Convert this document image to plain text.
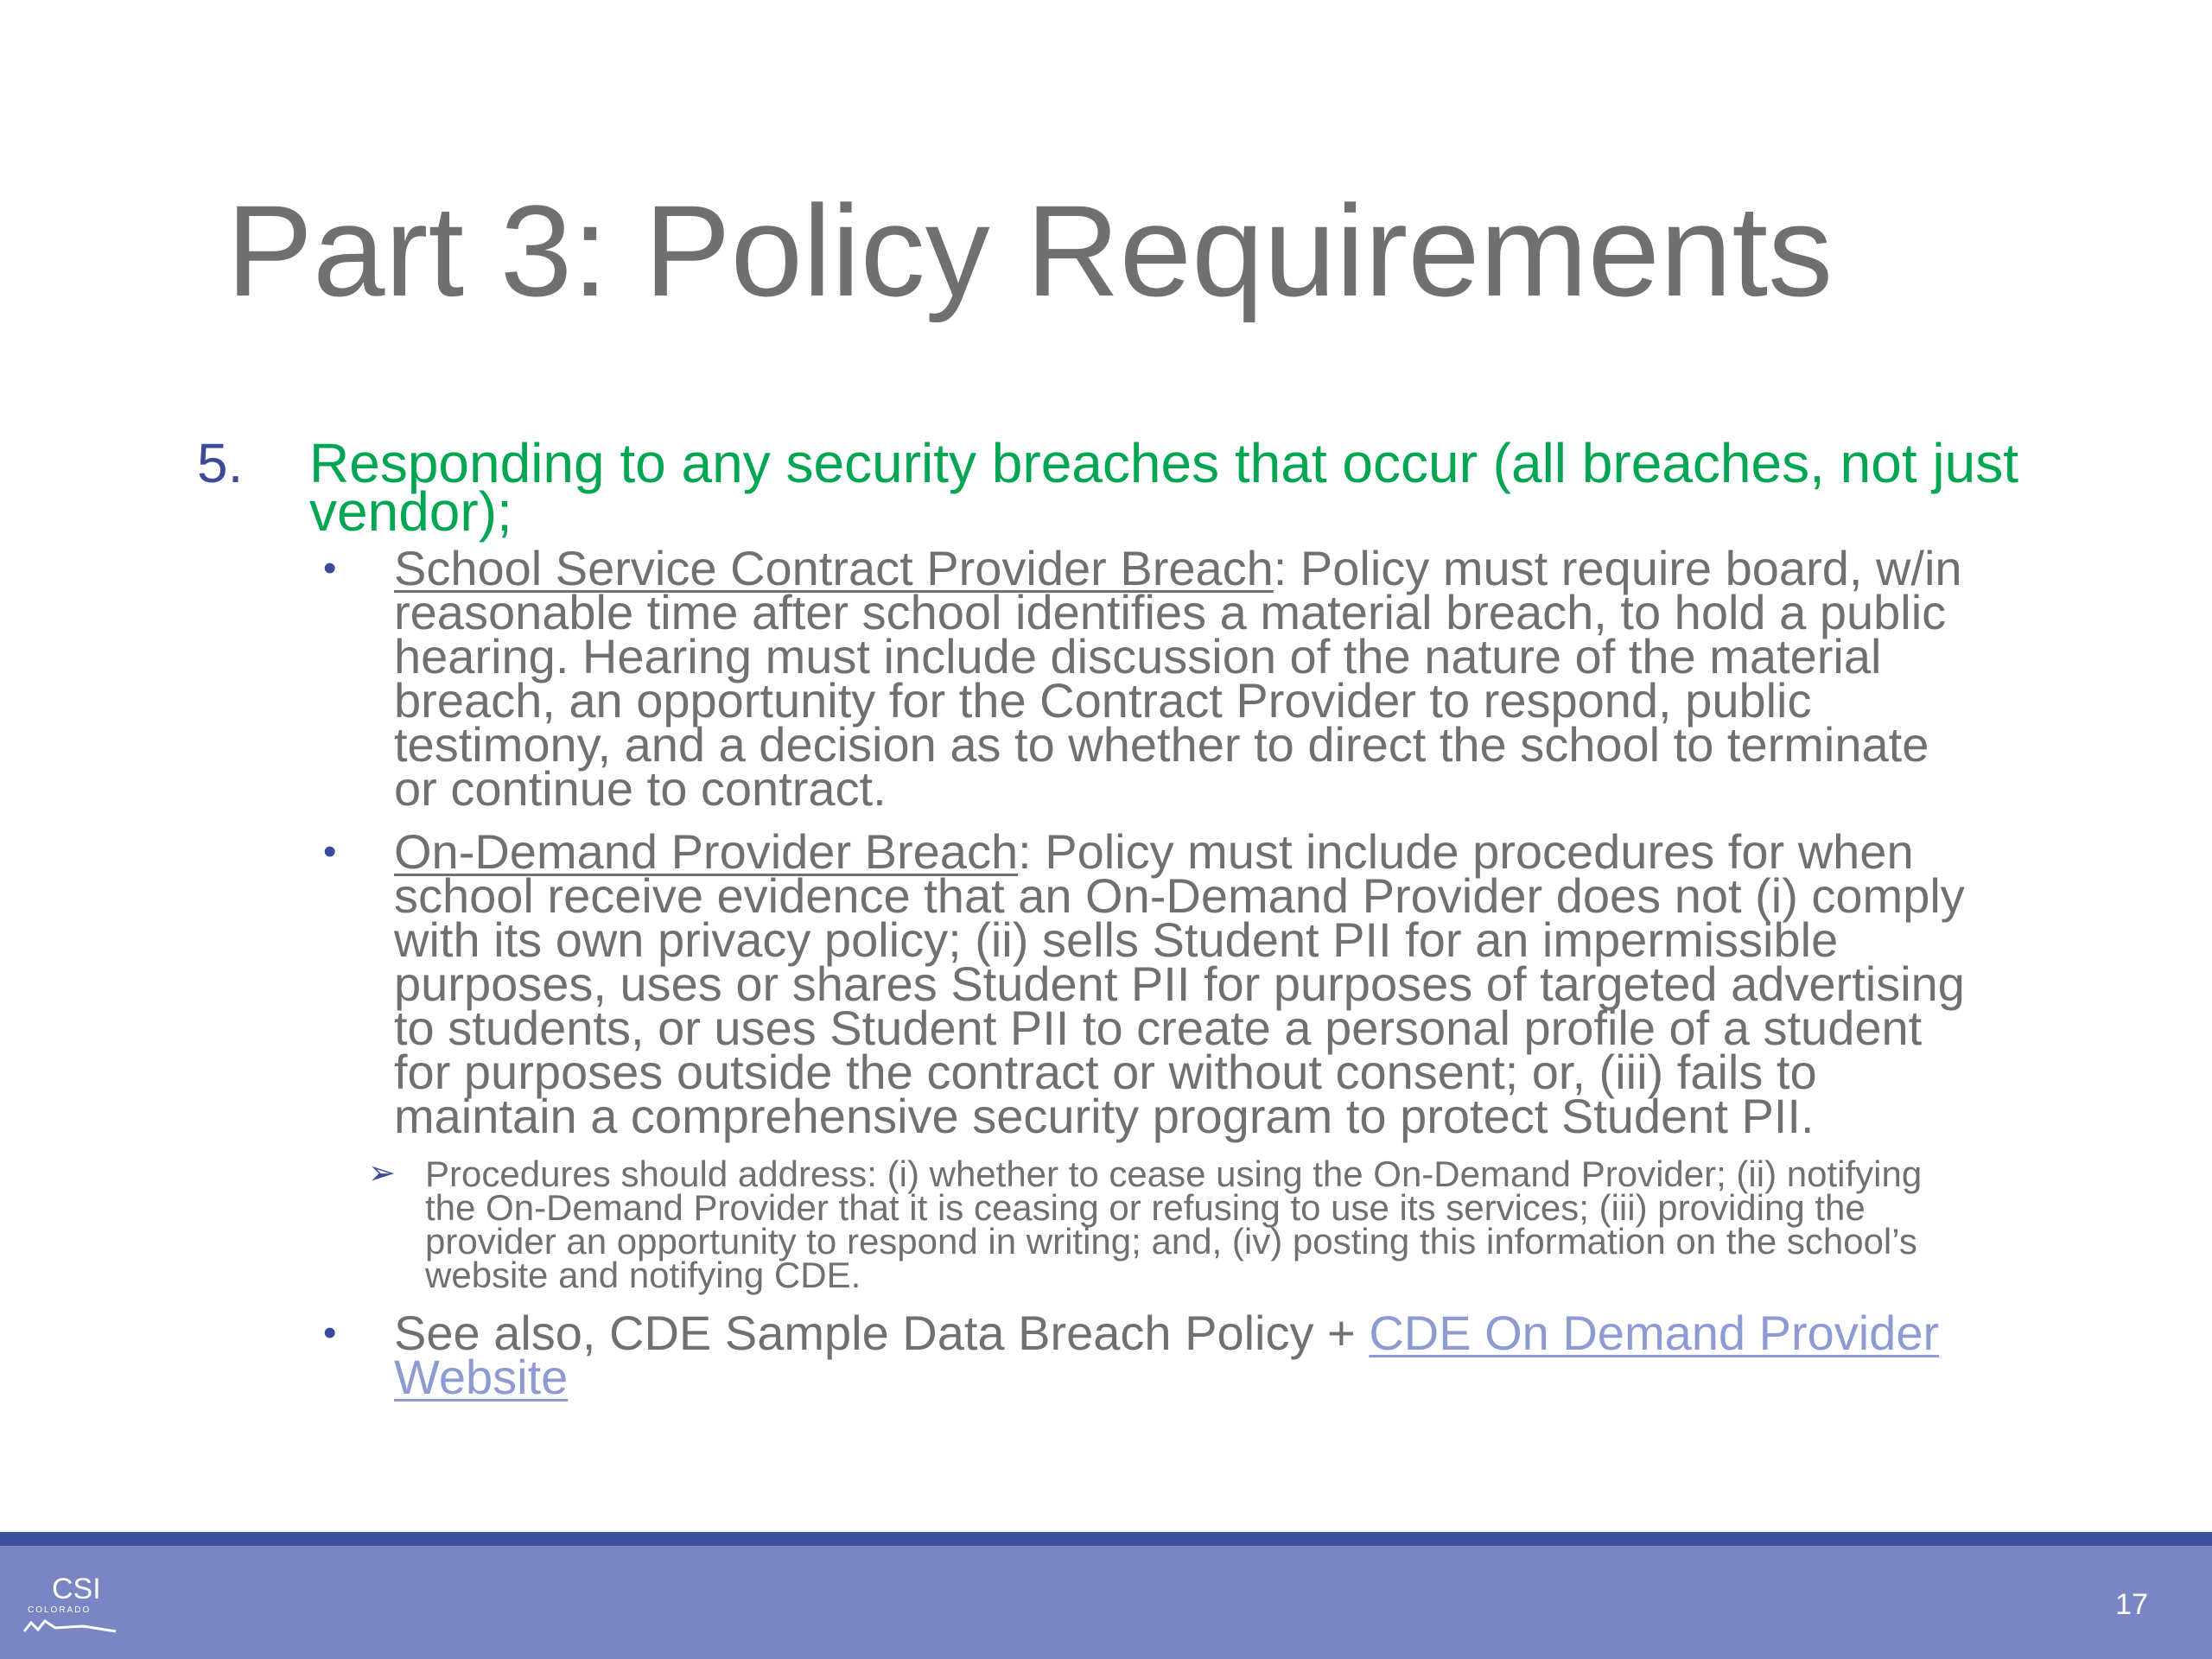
Part 3: Policy Requirements
5. Responding to any security breaches that occur (all breaches, not just vendor);
• School Service Contract Provider Breach: Policy must require board, w/in reasonable time after school identifies a material breach, to hold a public hearing. Hearing must include discussion of the nature of the material breach, an opportunity for the Contract Provider to respond, public testimony, and a decision as to whether to direct the school to terminate or continue to contract.
• On-Demand Provider Breach: Policy must include procedures for when school receive evidence that an On-Demand Provider does not (i) comply with its own privacy policy; (ii) sells Student PII for an impermissible purposes, uses or shares Student PII for purposes of targeted advertising to students, or uses Student PII to create a personal profile of a student for purposes outside the contract or without consent; or, (iii) fails to maintain a comprehensive security program to protect Student PII.
➢ Procedures should address: (i) whether to cease using the On-Demand Provider; (ii) notifying the On-Demand Provider that it is ceasing or refusing to use its services; (iii) providing the provider an opportunity to respond in writing; and, (iv) posting this information on the school’s website and notifying CDE.
• See also, CDE Sample Data Breach Policy + CDE On Demand Provider Website
CSI
COLORADO	17
